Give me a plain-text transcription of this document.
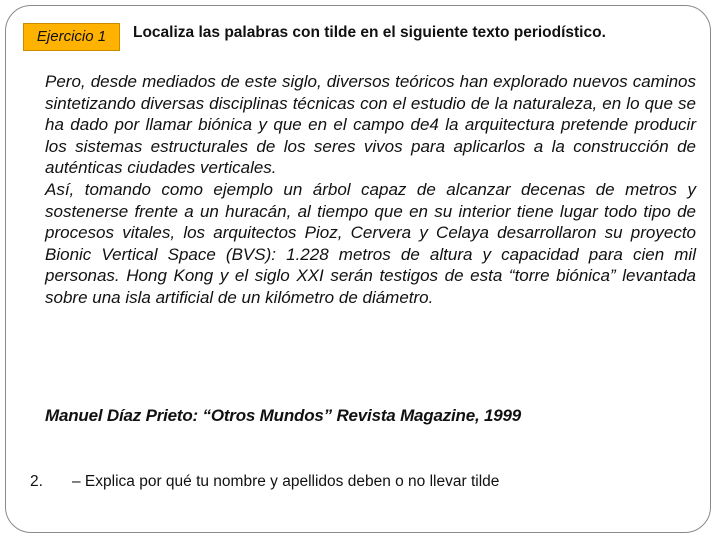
Ejercicio 1	Localiza las palabras con tilde en el siguiente texto periodístico.

Pero, desde mediados de este siglo, diversos teóricos han explorado nuevos caminos sintetizando diversas disciplinas técnicas con el estudio de la naturaleza, en lo que se ha dado por llamar biónica y que en el campo de4 la arquitectura pretende producir los sistemas estructurales de los seres vivos para aplicarlos a la construcción de auténticas ciudades verticales.

Así, tomando como ejemplo un árbol capaz de alcanzar decenas de metros y sostenerse frente a un huracán, al tiempo que en su interior tiene lugar todo tipo de procesos vitales, los arquitectos Pioz, Cervera y Celaya desarrollaron su proyecto Bionic Vertical Space (BVS): 1.228 metros de altura y capacidad para cien mil personas. Hong Kong y el siglo XXI serán testigos de esta “torre biónica” levantada sobre una isla artificial de un kilómetro de diámetro.

Manuel Díaz Prieto: “Otros Mundos” Revista Magazine, 1999
2. – Explica por qué tu nombre y apellidos deben o no llevar tilde
